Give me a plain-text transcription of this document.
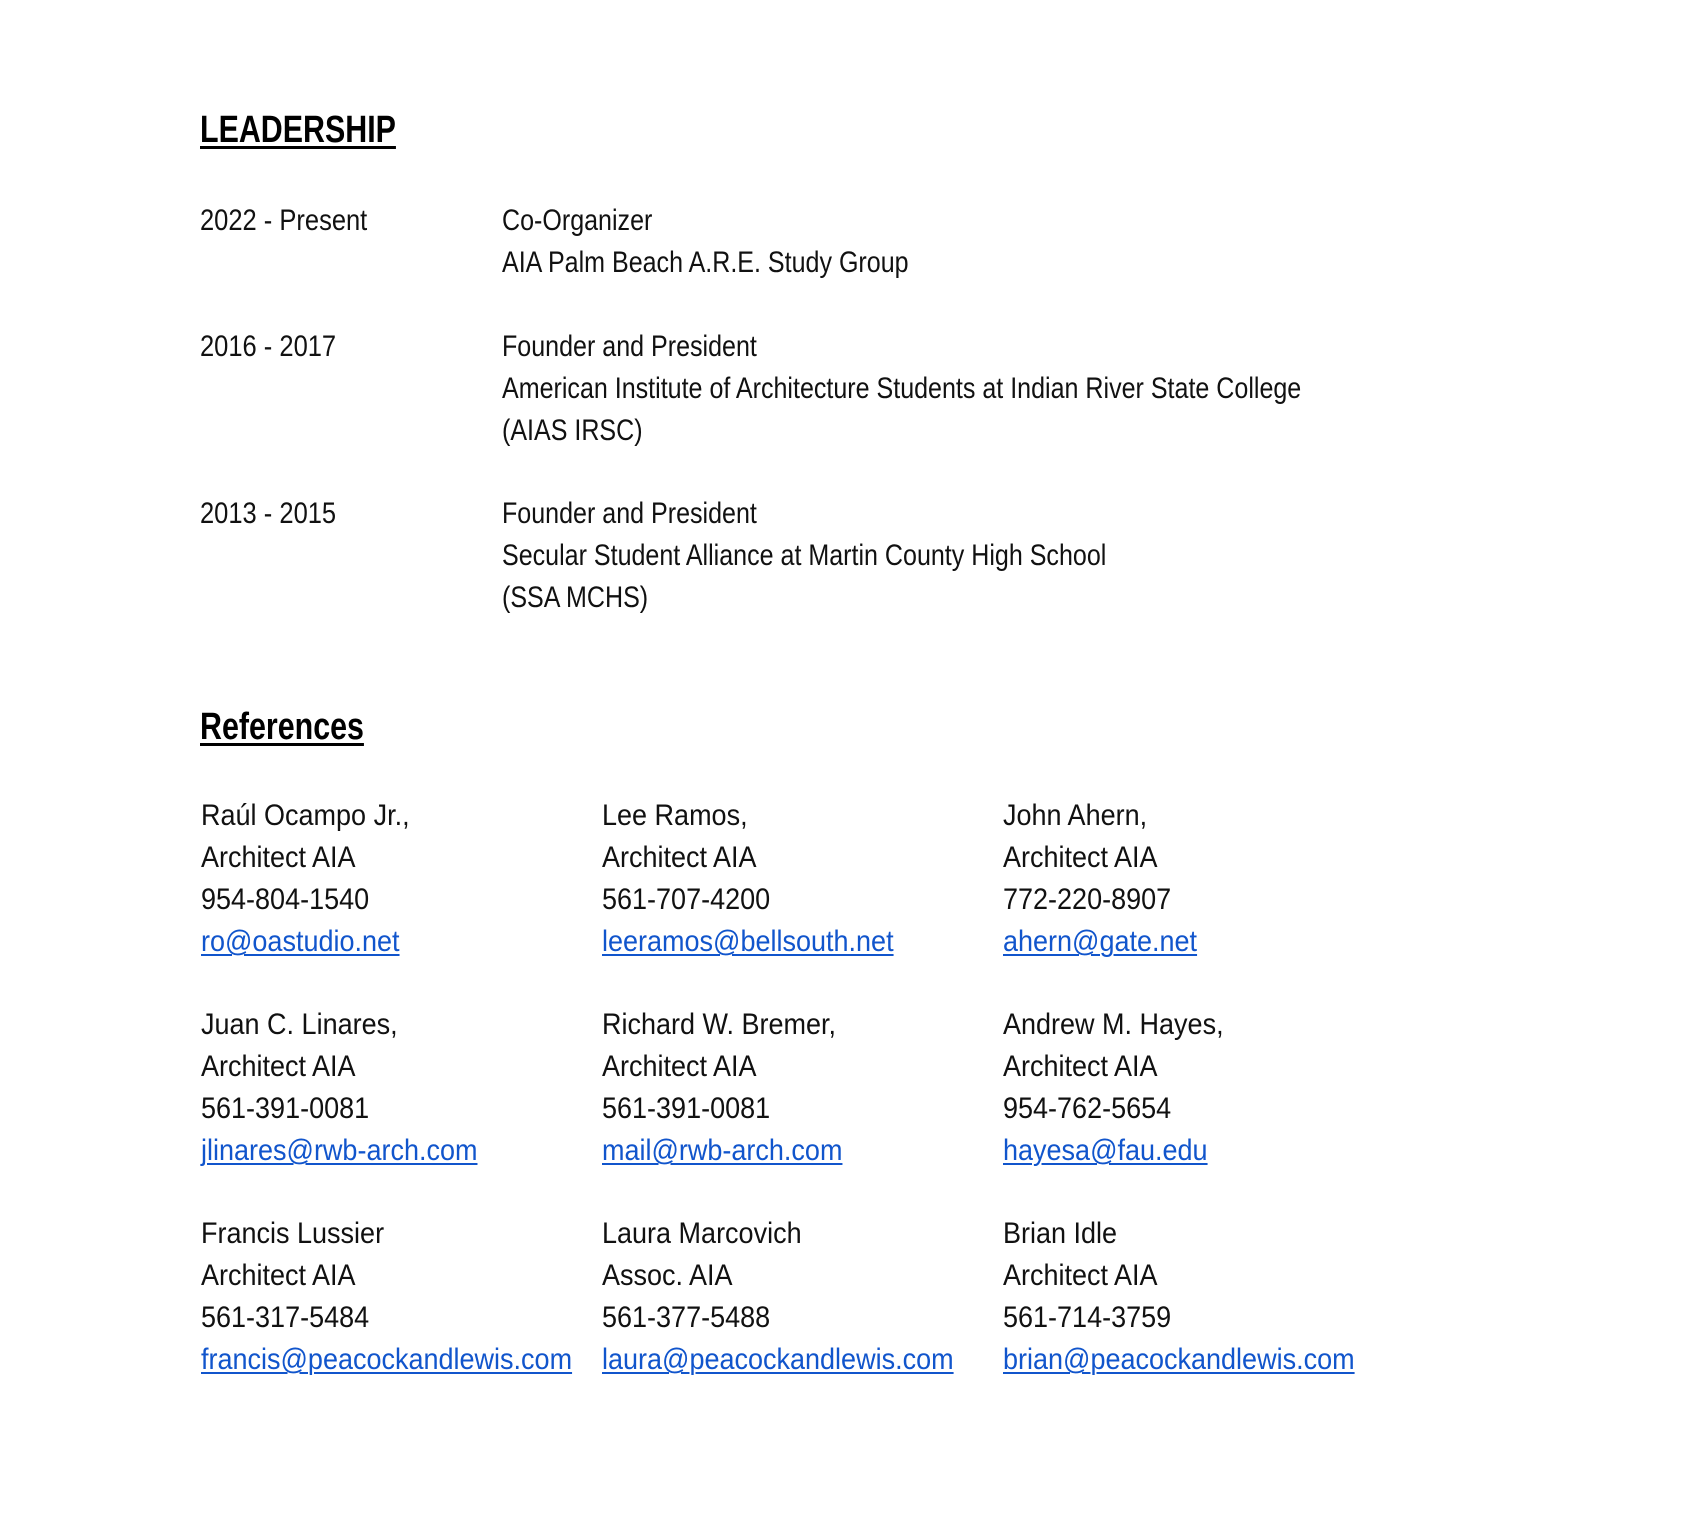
LEADERSHIP
2022 - Present	Co-Organizer
AIA Palm Beach A.R.E. Study Group
2016 - 2017	Founder and President
American Institute of Architecture Students at Indian River State College
(AIAS IRSC)
2013 - 2015	Founder and President
Secular Student Alliance at Martin County High School
(SSA MCHS)
References
Raúl Ocampo Jr.,
Architect AIA
954-804-1540
ro@oastudio.net
Lee Ramos,
Architect AIA
561-707-4200
leeramos@bellsouth.net
John Ahern,
Architect AIA
772-220-8907
ahern@gate.net
Juan C. Linares,
Architect AIA
561-391-0081
jlinares@rwb-arch.com
Richard W. Bremer,
Architect AIA
561-391-0081
mail@rwb-arch.com
Andrew M. Hayes,
Architect AIA
954-762-5654
hayesa@fau.edu
Francis Lussier
Architect AIA
561-317-5484
francis@peacockandlewis.com
Laura Marcovich
Assoc. AIA
561-377-5488
laura@peacockandlewis.com
Brian Idle
Architect AIA
561-714-3759
brian@peacockandlewis.com
